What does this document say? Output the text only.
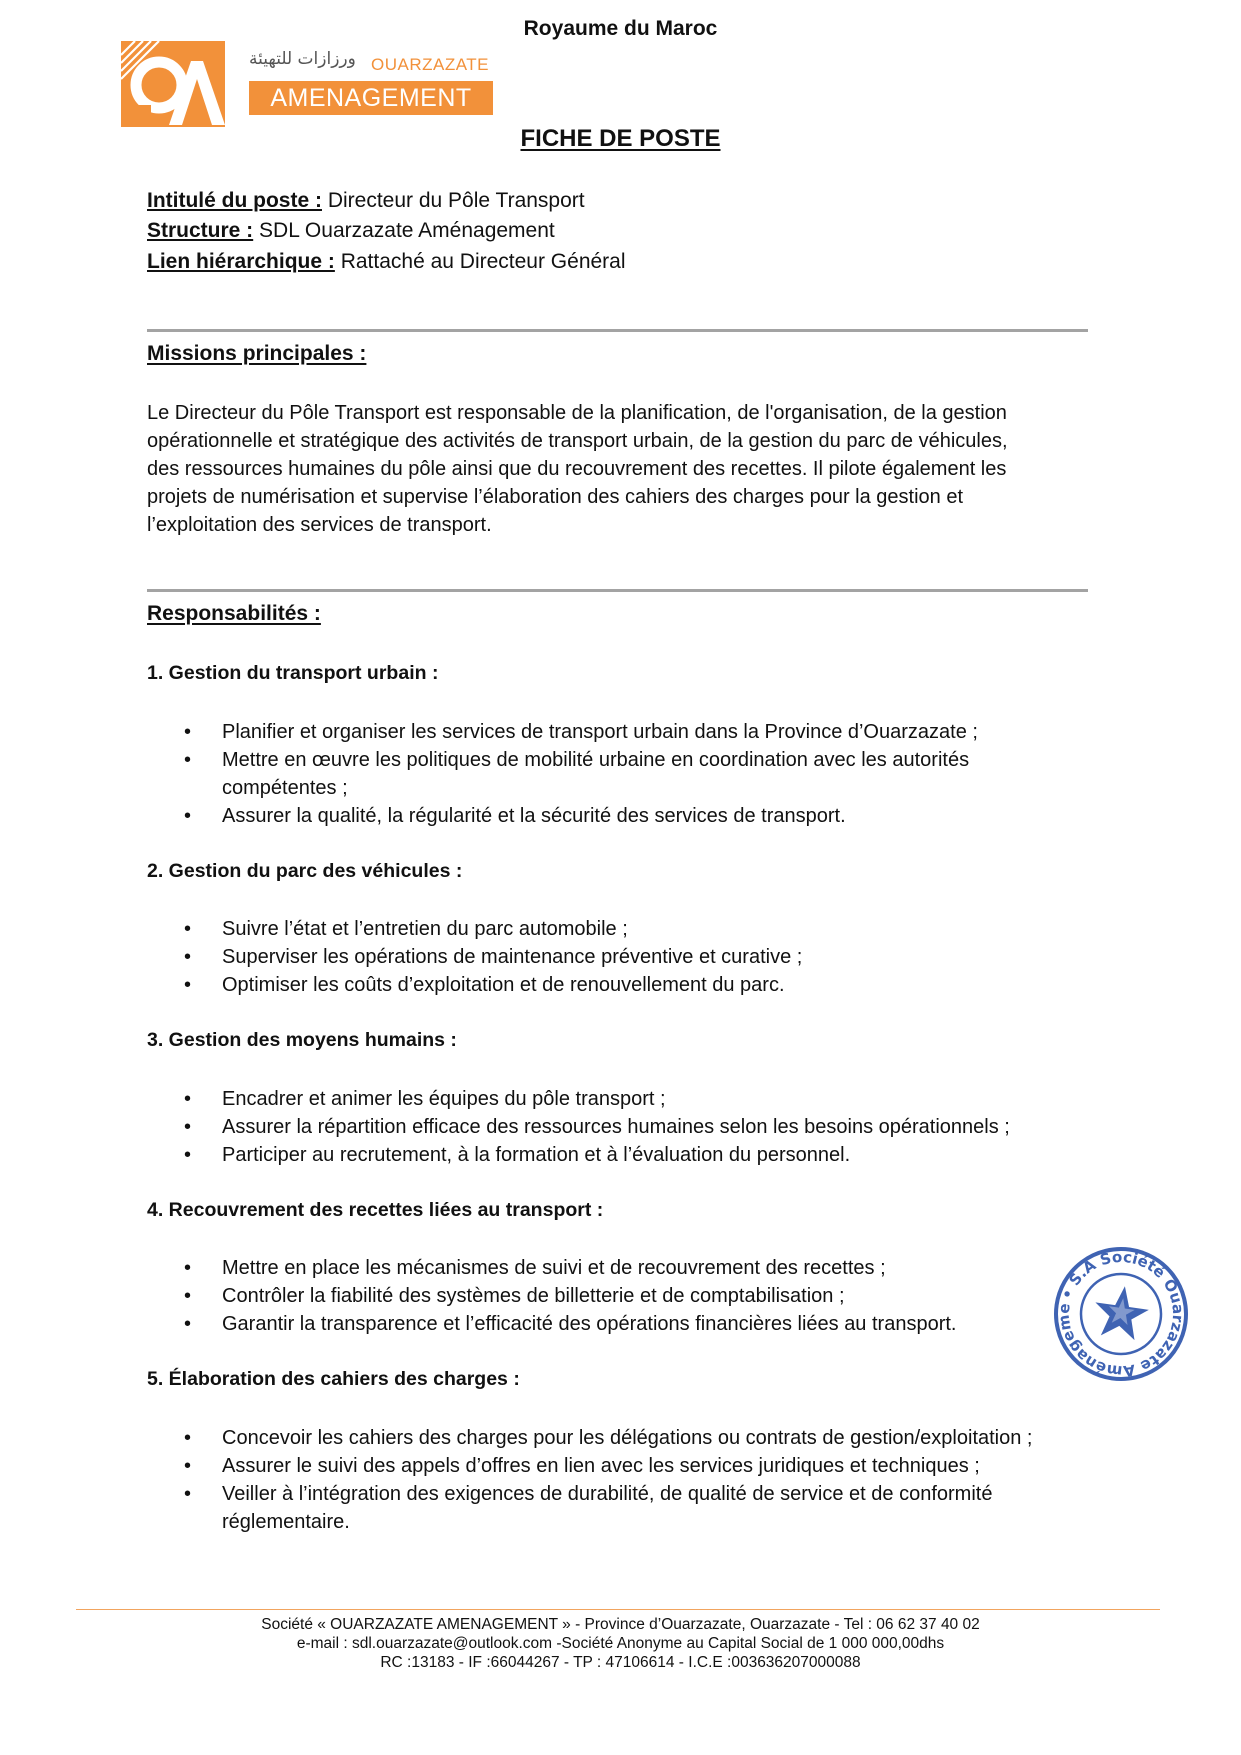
Royaume du Maroc
ورزازات للتهيئة OUARZAZATE
AMENAGEMENT
FICHE DE POSTE
Intitulé du poste : Directeur du Pôle Transport
Structure : SDL Ouarzazate Aménagement
Lien hiérarchique : Rattaché au Directeur Général
Missions principales :
Le Directeur du Pôle Transport est responsable de la planification, de l'organisation, de la gestion
opérationnelle et stratégique des activités de transport urbain, de la gestion du parc de véhicules,
des ressources humaines du pôle ainsi que du recouvrement des recettes. Il pilote également les
projets de numérisation et supervise l’élaboration des cahiers des charges pour la gestion et
l’exploitation des services de transport.
Responsabilités :
1. Gestion du transport urbain :
• Planifier et organiser les services de transport urbain dans la Province d’Ouarzazate ;
• Mettre en œuvre les politiques de mobilité urbaine en coordination avec les autorités
compétentes ;
• Assurer la qualité, la régularité et la sécurité des services de transport.
2. Gestion du parc des véhicules :
• Suivre l’état et l’entretien du parc automobile ;
• Superviser les opérations de maintenance préventive et curative ;
• Optimiser les coûts d’exploitation et de renouvellement du parc.
3. Gestion des moyens humains :
• Encadrer et animer les équipes du pôle transport ;
• Assurer la répartition efficace des ressources humaines selon les besoins opérationnels ;
• Participer au recrutement, à la formation et à l’évaluation du personnel.
4. Recouvrement des recettes liées au transport :
• Mettre en place les mécanismes de suivi et de recouvrement des recettes ;
• Contrôler la fiabilité des systèmes de billetterie et de comptabilisation ;
• Garantir la transparence et l’efficacité des opérations financières liées au transport.
5. Élaboration des cahiers des charges :
• Concevoir les cahiers des charges pour les délégations ou contrats de gestion/exploitation ;
• Assurer le suivi des appels d’offres en lien avec les services juridiques et techniques ;
• Veiller à l’intégration des exigences de durabilité, de qualité de service et de conformité
réglementaire.
• S.A Société Ouarzazate Aménagement
Société « OUARZAZATE AMENAGEMENT » - Province d’Ouarzazate, Ouarzazate - Tel : 06 62 37 40 02
e-mail : sdl.ouarzazate@outlook.com -Société Anonyme au Capital Social de 1 000 000,00dhs
RC :13183 - IF :66044267 - TP : 47106614 - I.C.E :003636207000088
